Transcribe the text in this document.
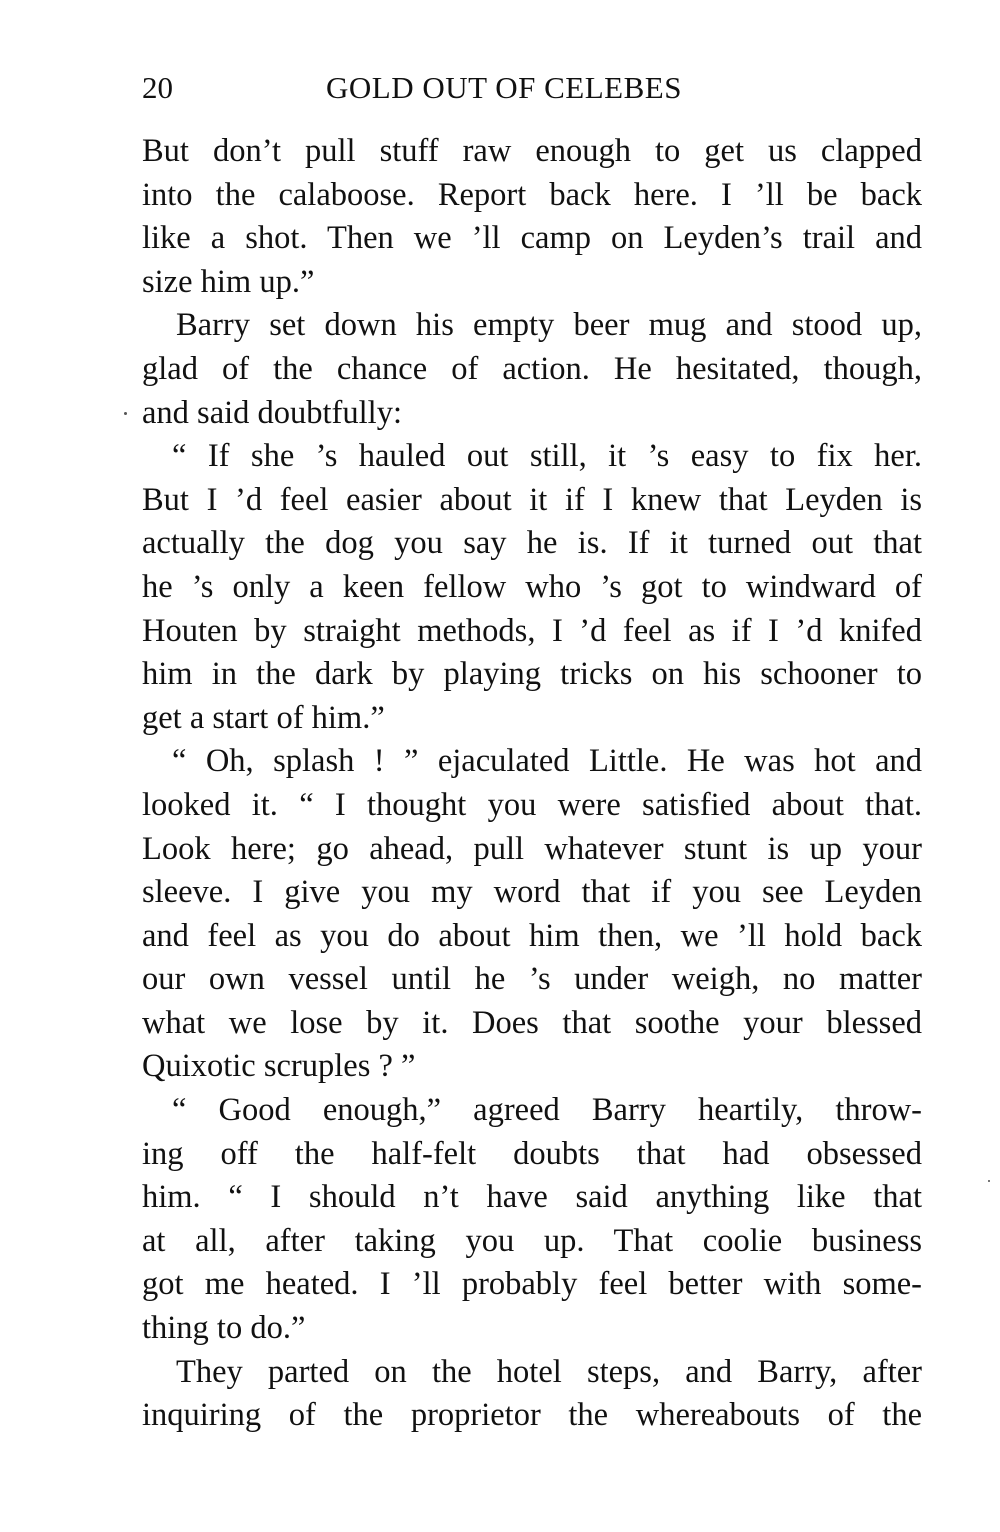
20	GOLD OUT OF CELEBES
But don’t pull stuff raw enough to get us clapped
into the calaboose. Report back here. I ’ll be back
like a shot. Then we ’ll camp on Leyden’s trail and
size him up.”
Barry set down his empty beer mug and stood up,
glad of the chance of action. He hesitated, though,
and said doubtfully:
“ If she ’s hauled out still, it ’s easy to fix her.
But I ’d feel easier about it if I knew that Leyden is
actually the dog you say he is. If it turned out that
he ’s only a keen fellow who ’s got to windward of
Houten by straight methods, I ’d feel as if I ’d knifed
him in the dark by playing tricks on his schooner to
get a start of him.”
“ Oh, splash ! ” ejaculated Little. He was hot and
looked it. “ I thought you were satisfied about that.
Look here; go ahead, pull whatever stunt is up your
sleeve. I give you my word that if you see Leyden
and feel as you do about him then, we ’ll hold back
our own vessel until he ’s under weigh, no matter
what we lose by it. Does that soothe your blessed
Quixotic scruples ? ”
“ Good enough,” agreed Barry heartily, throw-
ing off the half-felt doubts that had obsessed
him. “ I should n’t have said anything like that
at all, after taking you up. That coolie business
got me heated. I ’ll probably feel better with some-
thing to do.”
They parted on the hotel steps, and Barry, after
inquiring of the proprietor the whereabouts of the
